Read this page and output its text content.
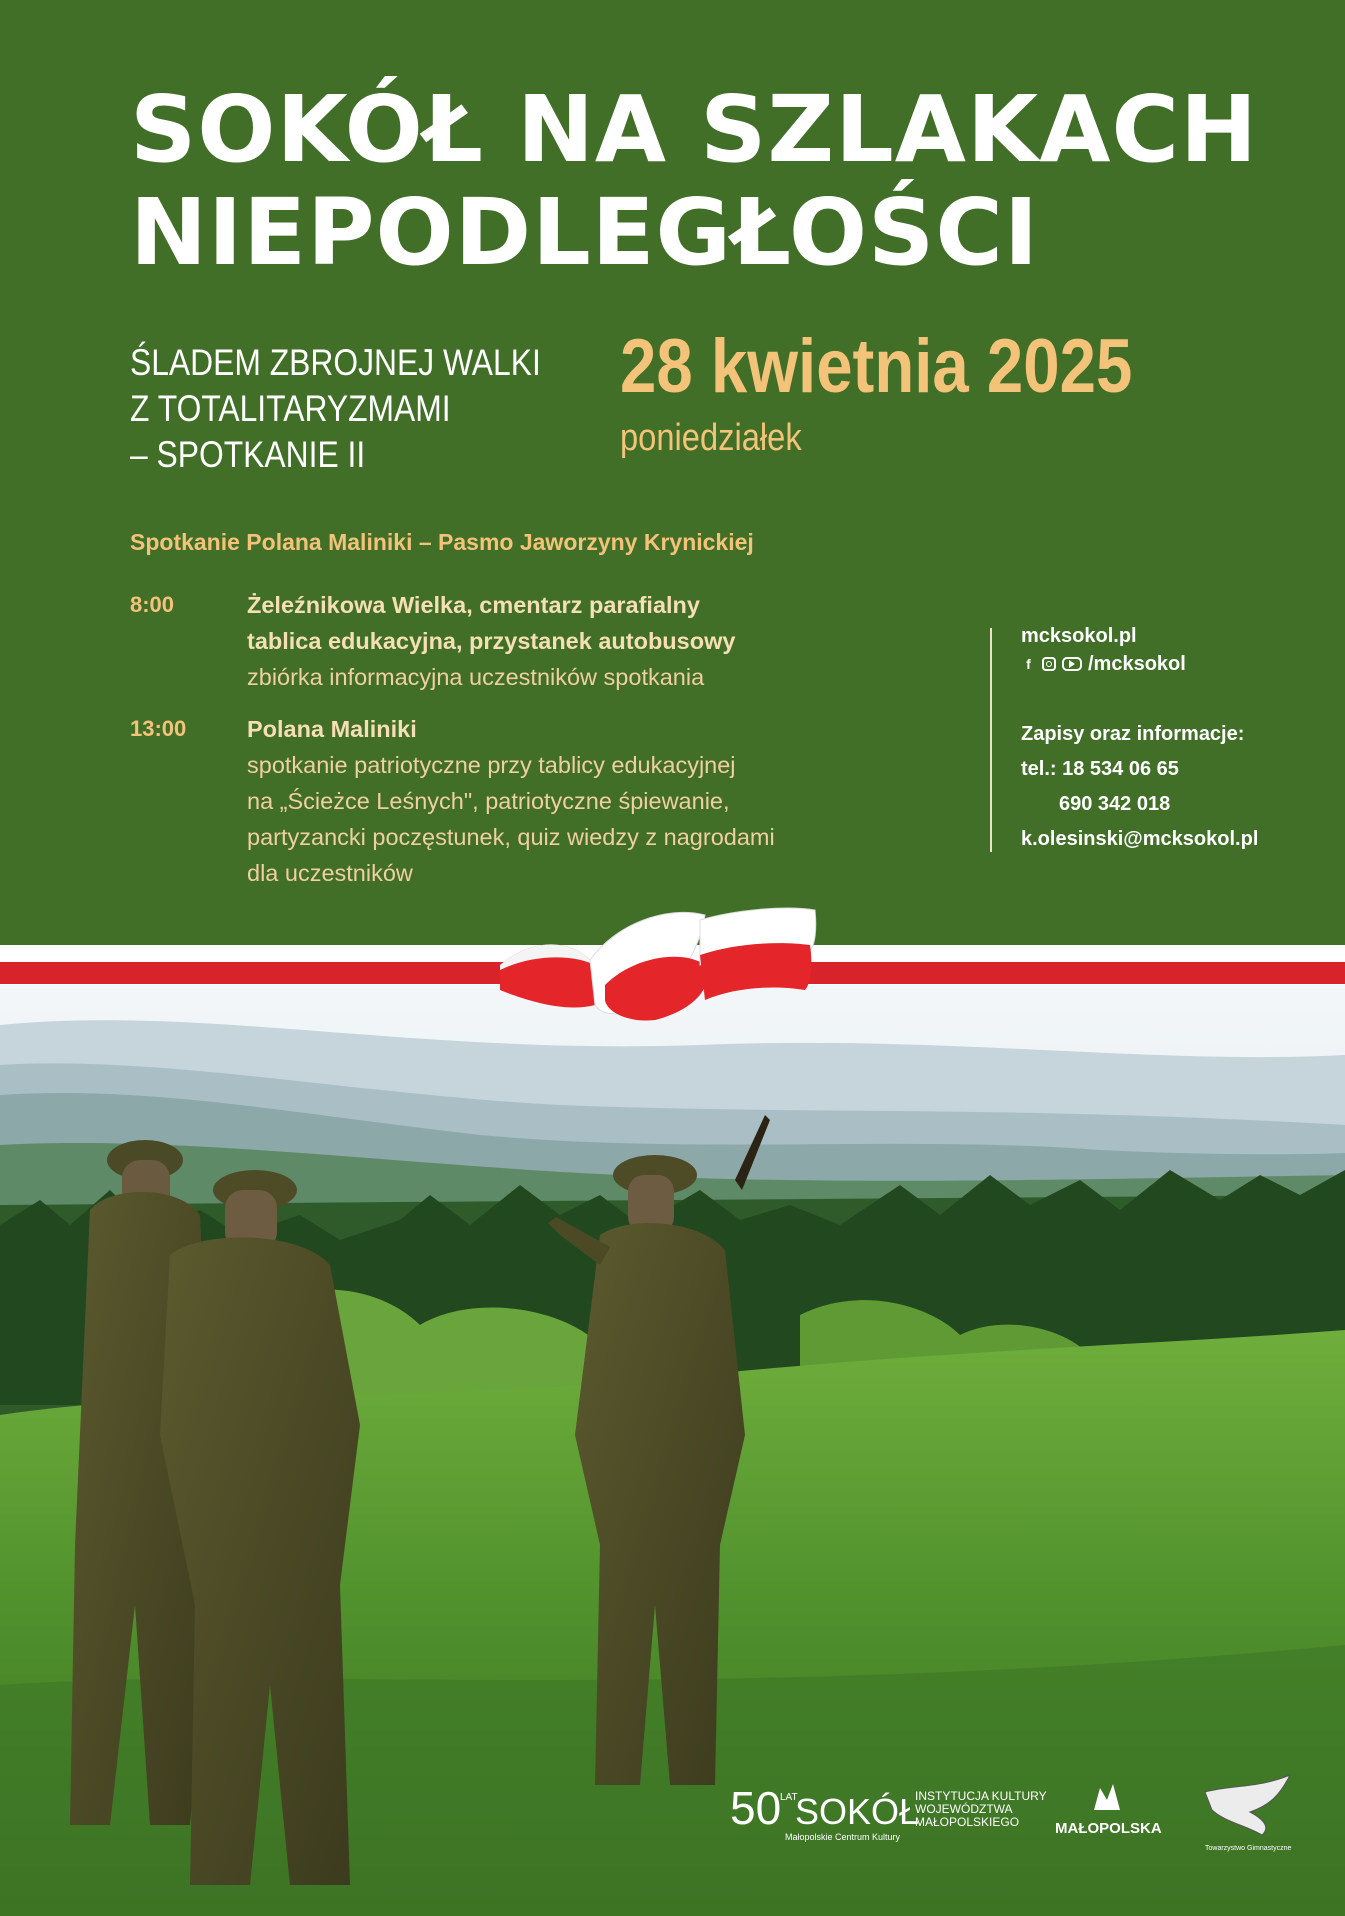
SOKÓŁ NA SZLAKACH
NIEPODLEGŁOŚCI
ŚLADEM ZBROJNEJ WALKI
Z TOTALITARYZMAMI
– SPOTKANIE II
28 kwietnia 2025
poniedziałek
Spotkanie Polana Maliniki – Pasmo Jaworzyny Krynickiej
8:00	Żeleźnikowa Wielka, cmentarz parafialny
tablica edukacyjna, przystanek autobusowy
zbiórka informacyjna uczestników spotkania
13:00	Polana Maliniki
spotkanie patriotyczne przy tablicy edukacyjnej
na „Ścieżce Leśnych", patriotyczne śpiewanie,
partyzancki poczęstunek, quiz wiedzy z nagrodami
dla uczestników
mcksokol.pl
f	/mcksokol
Zapisy oraz informacje:
tel.: 18 534 06 65
690 342 018
k.olesinski@mcksokol.pl
50
LAT
SOKÓŁ
Małopolskie Centrum Kultury
INSTYTUCJA KULTURY
WOJEWÓDZTWA
MAŁOPOLSKIEGO MAŁOPOLSKA
Towarzystwo Gimnastyczne
